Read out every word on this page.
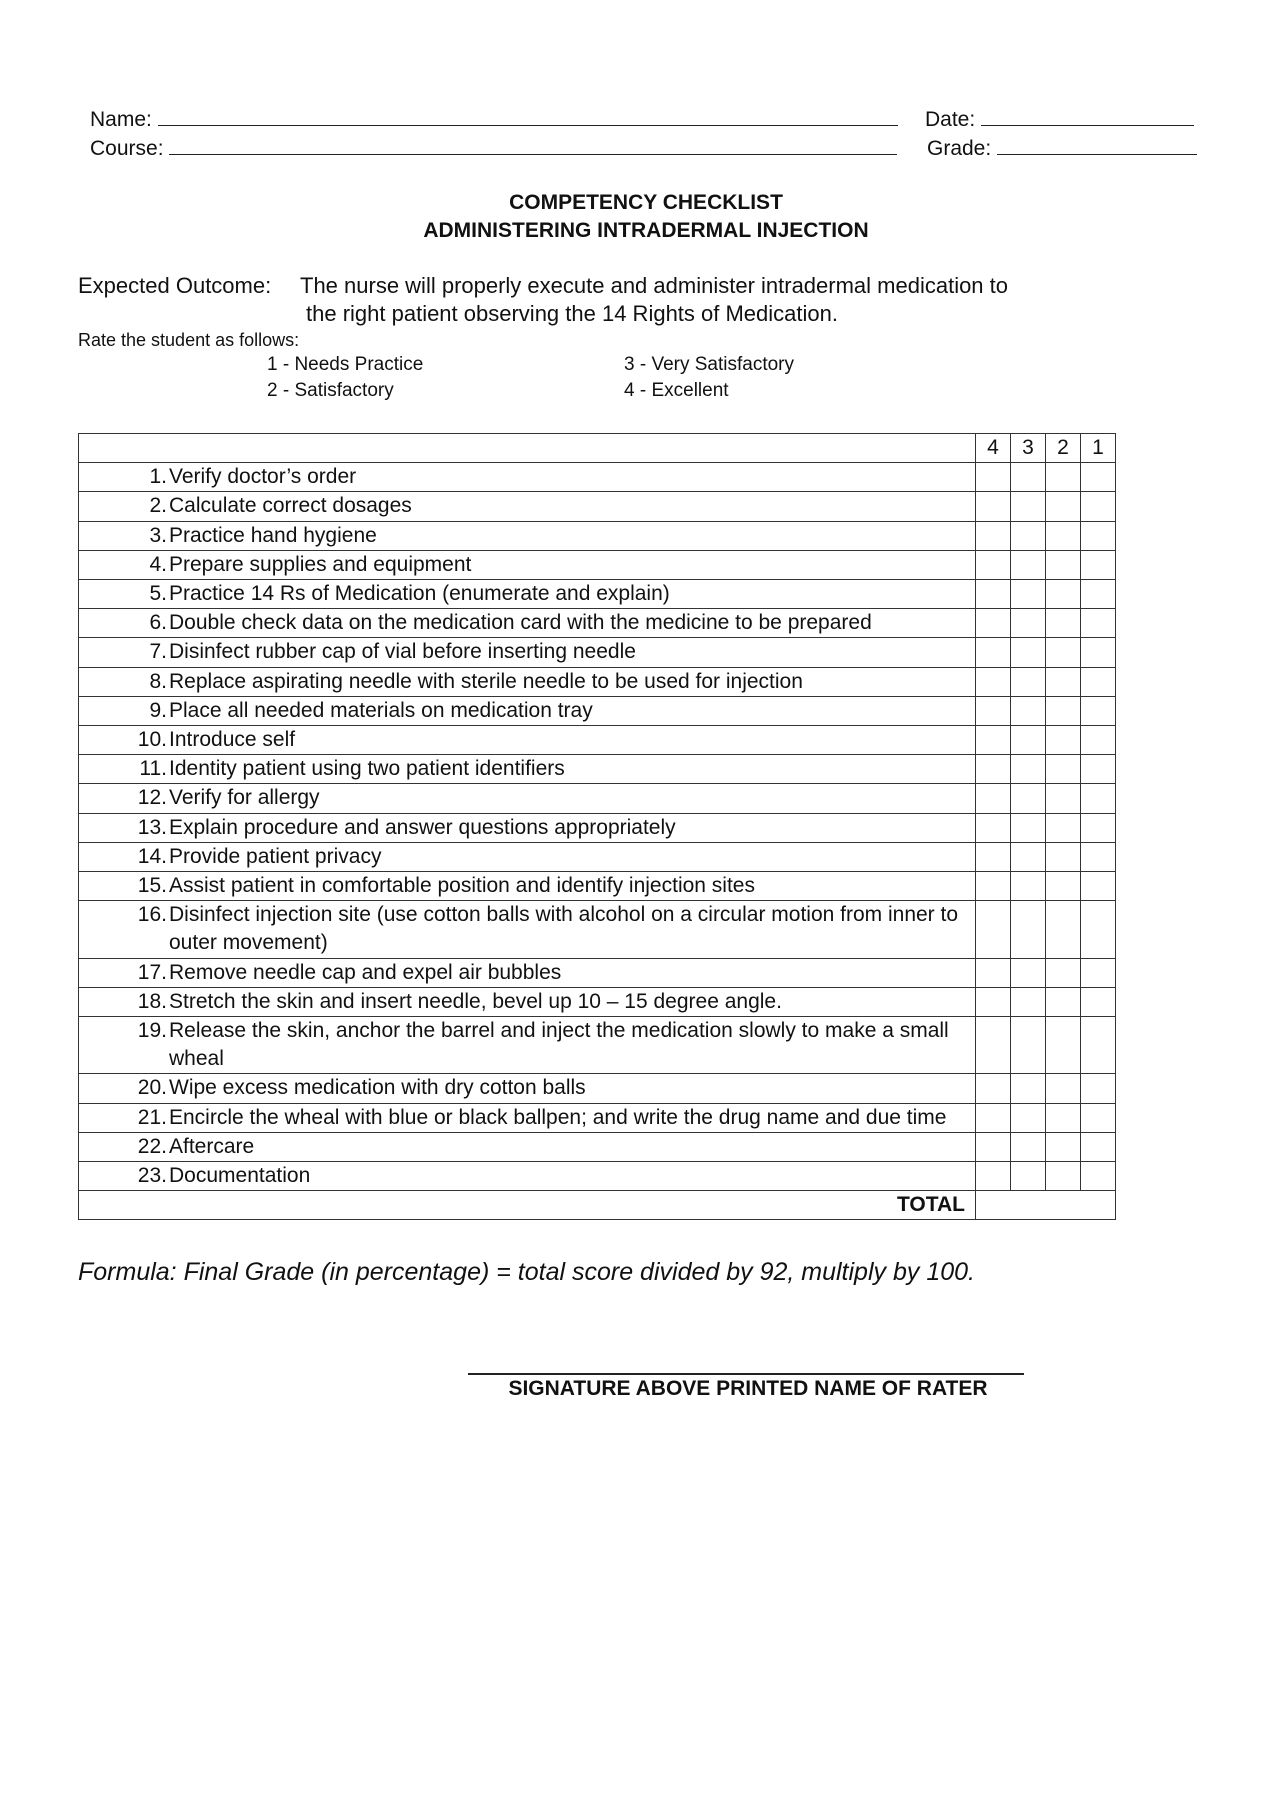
Name:	Date:
Course:	Grade:
COMPETENCY CHECKLIST
ADMINISTERING INTRADERMAL INJECTION
Expected Outcome: The nurse will properly execute and administer intradermal medication to
the right patient observing the 14 Rights of Medication.
Rate the student as follows:
1 - Needs Practice
2 - Satisfactory
3 - Very Satisfactory
4 - Excellent
	4	3	2	1

1. Verify doctor’s order				

2. Calculate correct dosages				

3. Practice hand hygiene				

4. Prepare supplies and equipment				

5. Practice 14 Rs of Medication (enumerate and explain)				

6. Double check data on the medication card with the medicine to be prepared				

7. Disinfect rubber cap of vial before inserting needle				

8. Replace aspirating needle with sterile needle to be used for injection				

9. Place all needed materials on medication tray				

10. Introduce self				

11. Identity patient using two patient identifiers				

12. Verify for allergy				

13. Explain procedure and answer questions appropriately				

14. Provide patient privacy				

15. Assist patient in comfortable position and identify injection sites				

16. Disinfect injection site (use cotton balls with alcohol on a circular motion from inner to outer movement)				

17. Remove needle cap and expel air bubbles				

18. Stretch the skin and insert needle, bevel up 10 – 15 degree angle.				

19. Release the skin, anchor the barrel and inject the medication slowly to make a small wheal				

20. Wipe excess medication with dry cotton balls				

21. Encircle the wheal with blue or black ballpen; and write the drug name and due time				

22. Aftercare				

23. Documentation				

TOTAL				
Formula: Final Grade (in percentage) = total score divided by 92, multiply by 100.
SIGNATURE ABOVE PRINTED NAME OF RATER
